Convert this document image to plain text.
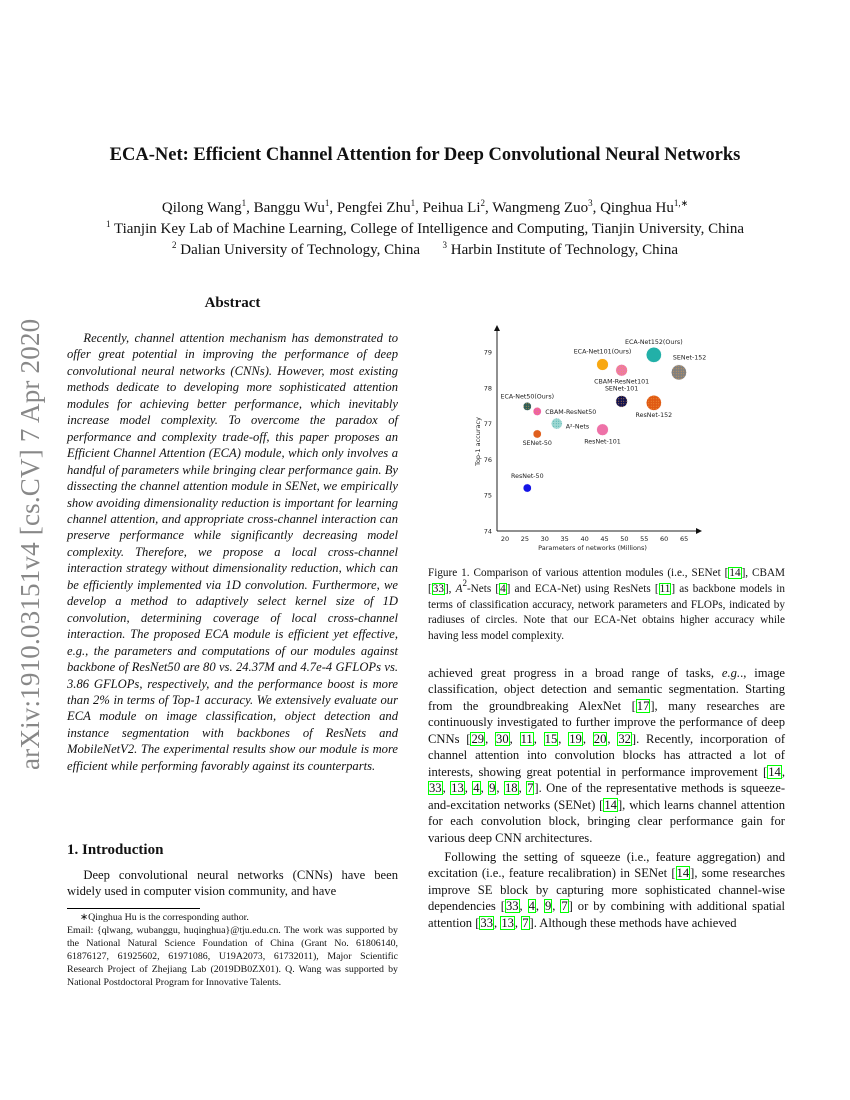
ECA-Net: Efficient Channel Attention for Deep Convolutional Neural Networks
Qilong Wang$^1$, Banggu Wu$^1$, Pengfei Zhu$^1$, Peihua Li$^2$, Wangmeng Zuo$^3$, Qinghua $Hu^{1,∗}$
$^1$ Tianjin Key Lab of Machine Learning, College of Intelligence and Computing, Tianjin University, China
$^2$ Dalian University of Technology, China  	$^3$ Harbin Institute of Technology, China
arXiv:1910.03151v4 [cs.CV] 7 Apr 2020
Abstract

Recently, channel attention mechanism has demonstrated to offer great potential in improving the performance of deep convolutional neural networks (CNNs). However, most existing methods dedicate to developing more sophisticated attention modules for achieving better performance, which inevitably increase model complexity. To overcome the paradox of performance and complexity trade-off, this paper proposes an Efficient Channel Attention (ECA) module, which only involves a handful of parameters while bringing clear performance gain. By dissecting the channel attention module in SENet, we empirically show avoiding dimensionality reduction is important for learning channel attention, and appropriate cross-channel interaction can preserve performance while significantly decreasing model complexity. Therefore, we propose a local cross-channel interaction strategy without dimensionality reduction, which can be efficiently implemented via 1D convolution. Furthermore, we develop a method to adaptively select kernel size of 1D convolution, determining coverage of local cross-channel interaction. The proposed ECA module is efficient yet effective, e.g., the parameters and computations of our modules against backbone of ResNet50 are 80 vs. 24.37M and 4.7e-4 GFLOPs vs. 3.86 GFLOPs, respectively, and the performance boost is more than 2% in terms of Top-1 accuracy. We extensively evaluate our ECA module on image classification, object detection and instance segmentation with backbones of ResNets and MobileNetV2. The experimental results show our module is more efficient while performing favorably against its counterparts.

1. Introduction

Deep convolutional neural networks (CNNs) have been widely used in computer vision community, and have

∗Qinghua Hu is the corresponding author.

Email: {qlwang, wubanggu, huqinghua}@tju.edu.cn. The work was supported by the National Natural Science Foundation of China (Grant No. 61806140, 61876127, 61925602, 61971086, U19A2073, 61732011), Major Scientific Research Project of Zhejiang Lab (2019DB0ZX01). Q. Wang was supported by National Postdoctoral Program for Innovative Talents.

20 25 30 35 40 45 50 55 60 65
74
75
76
77
78
79
Parameters of networks (Millions)
Top-1 accuracy
ResNet-50
SENet-50
ECA-Net50(Ours)
CBAM-ResNet50
A²-Nets
ResNet-101
ECA-Net101(Ours)
CBAM-ResNet101
SENet-101
ResNet-152
ECA-Net152(Ours)
SENet-152

Figure 1. Comparison of various attention modules (i.e., SENet [14], CBAM [33], $A^2$-Nets [4] and ECA-Net) using ResNets [11] as backbone models in terms of classification accuracy, network parameters and FLOPs, indicated by radiuses of circles. Note that our ECA-Net obtains higher accuracy while having less model complexity.

achieved great progress in a broad range of tasks, e.g.., image classification, object detection and semantic segmentation. Starting from the groundbreaking AlexNet [17], many researches are continuously investigated to further improve the performance of deep CNNs [29, 30, 11, 15, 19, 20, 32]. Recently, incorporation of channel attention into convolution blocks has attracted a lot of interests, showing great potential in performance improvement [14, 33, 13, 4, 9, 18, 7]. One of the representative methods is squeeze-and-excitation networks (SENet) [14], which learns channel attention for each convolution block, bringing clear performance gain for various deep CNN architectures.

Following the setting of squeeze (i.e., feature aggregation) and excitation (i.e., feature recalibration) in SENet [14], some researches improve SE block by capturing more sophisticated channel-wise dependencies [33, 4, 9, 7] or by combining with additional spatial attention [33, 13, 7]. Although these methods have achieved
